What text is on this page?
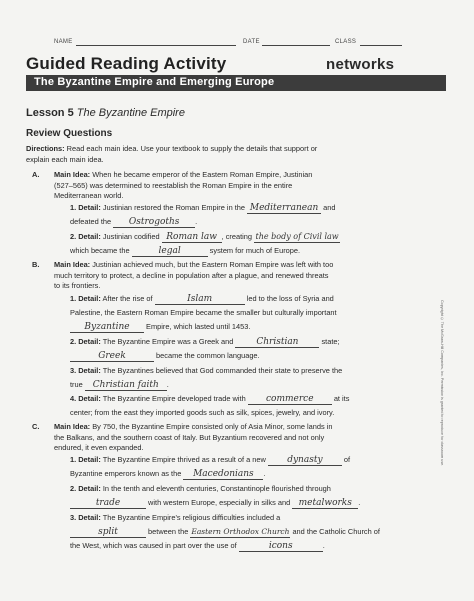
NAME	DATE	CLASS
Guided Reading Activity	networks
The Byzantine Empire and Emerging Europe
Lesson 5 The Byzantine Empire
Review Questions
Directions: Read each main idea. Use your textbook to supply the details that support or
explain each main idea.
A. Main Idea: When he became emperor of the Eastern Roman Empire, Justinian
(527–565) was determined to reestablish the Roman Empire in the entire
Mediterranean world.
1. Detail: Justinian restored the Roman Empire in the Mediterranean and
defeated the Ostrogoths .
2. Detail: Justinian codified Roman law , creating the body of Civil law
which became the	legal	system for much of Europe.
B. Main Idea: Justinian achieved much, but the Eastern Roman Empire was left with too
much territory to protect, a decline in population after a plague, and renewed threats
to its frontiers.
1. Detail: After the rise of	Islam	led to the loss of Syria and
Palestine, the Eastern Roman Empire became the smaller but culturally important
Byzantine Empire, which lasted until 1453.
2. Detail: The Byzantine Empire was a Greek and Christian	state;
Greek	became the common language.
3. Detail: The Byzantines believed that God commanded their state to preserve the
true Christian faith .
4. Detail: The Byzantine Empire developed trade with commerce at its
center; from the east they imported goods such as silk, spices, jewelry, and ivory.
C. Main Idea: By 750, the Byzantine Empire consisted only of Asia Minor, some lands in
the Balkans, and the southern coast of Italy. But Byzantium recovered and not only
endured, it even expanded.
1. Detail: The Byzantine Empire thrived as a result of a new dynasty	of
Byzantine emperors known as the Macedonians .
2. Detail: In the tenth and eleventh centuries, Constantinople flourished through
trade	with western Europe, especially in silks and metalworks .
3. Detail: The Byzantine Empire's religious difficulties included a
split	between the Eastern Orthodox Church and the Catholic Church of
the West, which was caused in part over the use of	icons	.
Copyright © The McGraw-Hill Companies, Inc. Permission is granted to reproduce for classroom use.
